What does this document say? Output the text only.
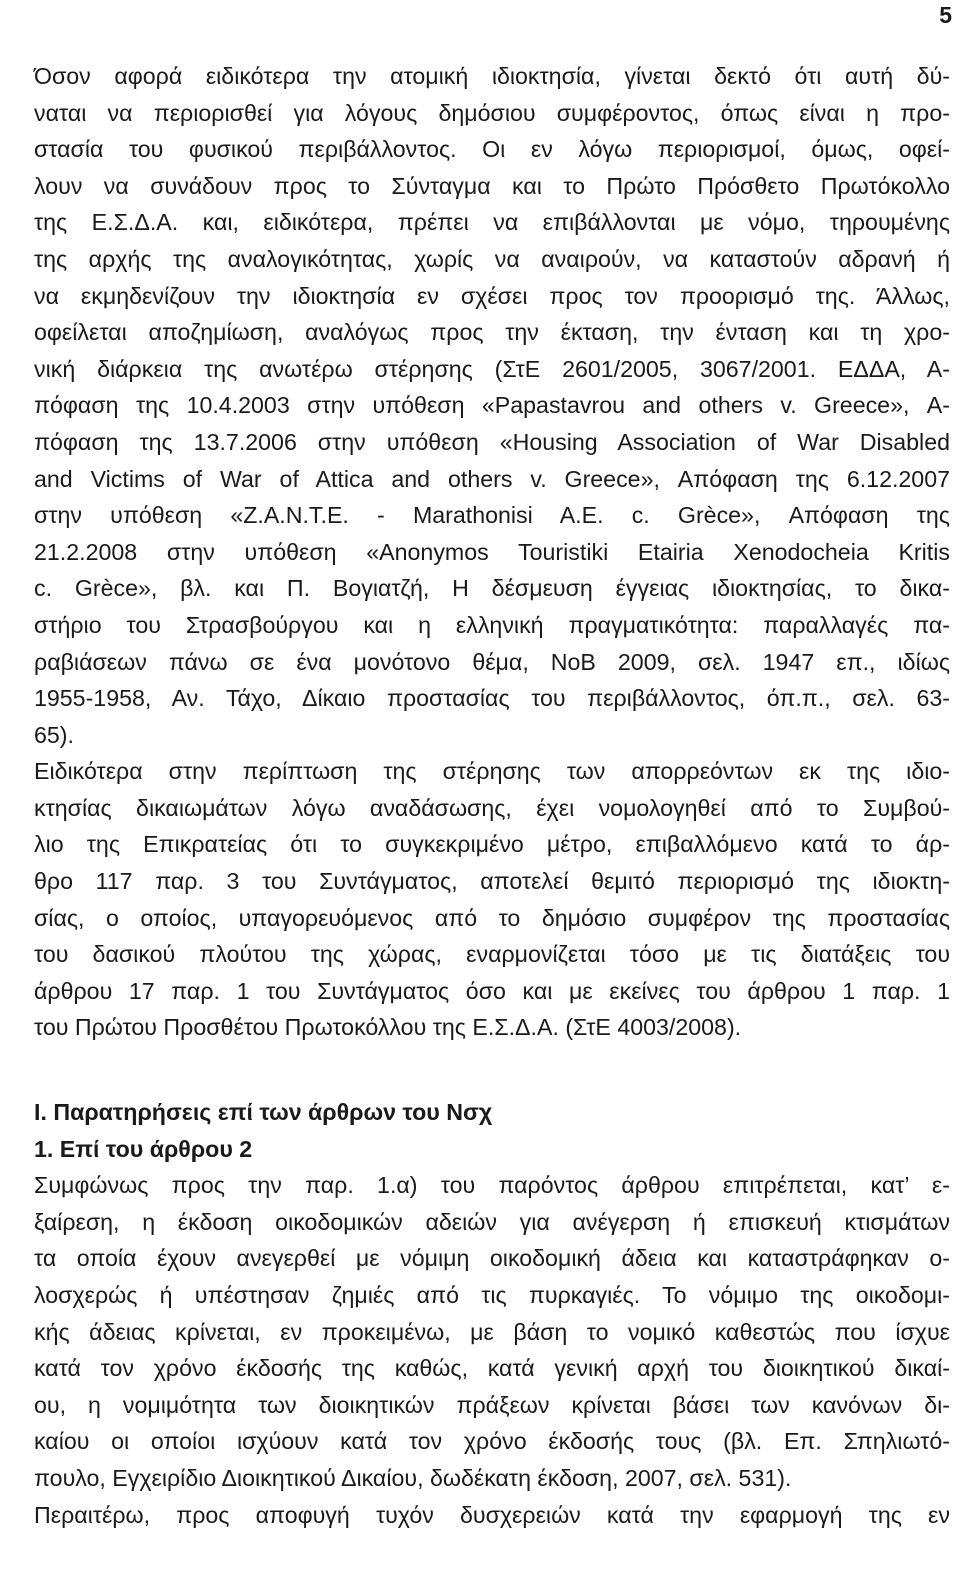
5
Όσον αφορά ειδικότερα την ατομική ιδιοκτησία, γίνεται δεκτό ότι αυτή δύ-
ναται να περιορισθεί για λόγους δημόσιου συμφέροντος, όπως είναι η προ-
στασία του φυσικού περιβάλλοντος. Οι εν λόγω περιορισμοί, όμως, οφεί-
λουν να συνάδουν προς το Σύνταγμα και το Πρώτο Πρόσθετο Πρωτόκολλο
της Ε.Σ.Δ.Α. και, ειδικότερα, πρέπει να επιβάλλονται με νόμο, τηρουμένης
της αρχής της αναλογικότητας, χωρίς να αναιρούν, να καταστούν αδρανή ή
να εκμηδενίζουν την ιδιοκτησία εν σχέσει προς τον προορισμό της. Άλλως,
οφείλεται αποζημίωση, αναλόγως προς την έκταση, την ένταση και τη χρο-
νική διάρκεια της ανωτέρω στέρησης (ΣτΕ 2601/2005, 3067/2001. ΕΔΔΑ, Α-
πόφαση της 10.4.2003 στην υπόθεση «Papastavrou and others v. Greece», Α-
πόφαση της 13.7.2006 στην υπόθεση «Housing Association of War Disabled
and Victims of War of Attica and others v. Greece», Απόφαση της 6.12.2007
στην υπόθεση «Z.A.N.T.E. - Marathonisi A.E. c. Grèce», Απόφαση της
21.2.2008 στην υπόθεση «Anonymos Touristiki Etairia Xenodocheia Kritis
c. Grèce», βλ. και Π. Βογιατζή, Η δέσμευση έγγειας ιδιοκτησίας, το δικα-
στήριο του Στρασβούργου και η ελληνική πραγματικότητα: παραλλαγές πα-
ραβιάσεων πάνω σε ένα μονότονο θέμα, ΝοΒ 2009, σελ. 1947 επ., ιδίως
1955-1958, Αν. Τάχο, Δίκαιο προστασίας του περιβάλλοντος, όπ.π., σελ. 63-
65).
Ειδικότερα στην περίπτωση της στέρησης των απορρεόντων εκ της ιδιο-
κτησίας δικαιωμάτων λόγω αναδάσωσης, έχει νομολογηθεί από το Συμβού-
λιο της Επικρατείας ότι το συγκεκριμένο μέτρο, επιβαλλόμενο κατά το άρ-
θρο 117 παρ. 3 του Συντάγματος, αποτελεί θεμιτό περιορισμό της ιδιοκτη-
σίας, ο οποίος, υπαγορευόμενος από το δημόσιο συμφέρον της προστασίας
του δασικού πλούτου της χώρας, εναρμονίζεται τόσο με τις διατάξεις του
άρθρου 17 παρ. 1 του Συντάγματος όσο και με εκείνες του άρθρου 1 παρ. 1
του Πρώτου Προσθέτου Πρωτοκόλλου της Ε.Σ.Δ.Α. (ΣτΕ 4003/2008).
Ι. Παρατηρήσεις επί των άρθρων του Νσχ
1. Επί του άρθρου 2
Συμφώνως προς την παρ. 1.α) του παρόντος άρθρου επιτρέπεται, κατ’ ε-
ξαίρεση, η έκδοση οικοδομικών αδειών για ανέγερση ή επισκευή κτισμάτων
τα οποία έχουν ανεγερθεί με νόμιμη οικοδομική άδεια και καταστράφηκαν ο-
λοσχερώς ή υπέστησαν ζημιές από τις πυρκαγιές. Το νόμιμο της οικοδομι-
κής άδειας κρίνεται, εν προκειμένω, με βάση το νομικό καθεστώς που ίσχυε
κατά τον χρόνο έκδοσής της καθώς, κατά γενική αρχή του διοικητικού δικαί-
ου, η νομιμότητα των διοικητικών πράξεων κρίνεται βάσει των κανόνων δι-
καίου οι οποίοι ισχύουν κατά τον χρόνο έκδοσής τους (βλ. Επ. Σπηλιωτό-
πουλο, Εγχειρίδιο Διοικητικού Δικαίου, δωδέκατη έκδοση, 2007, σελ. 531).
Περαιτέρω, προς αποφυγή τυχόν δυσχερειών κατά την εφαρμογή της εν
